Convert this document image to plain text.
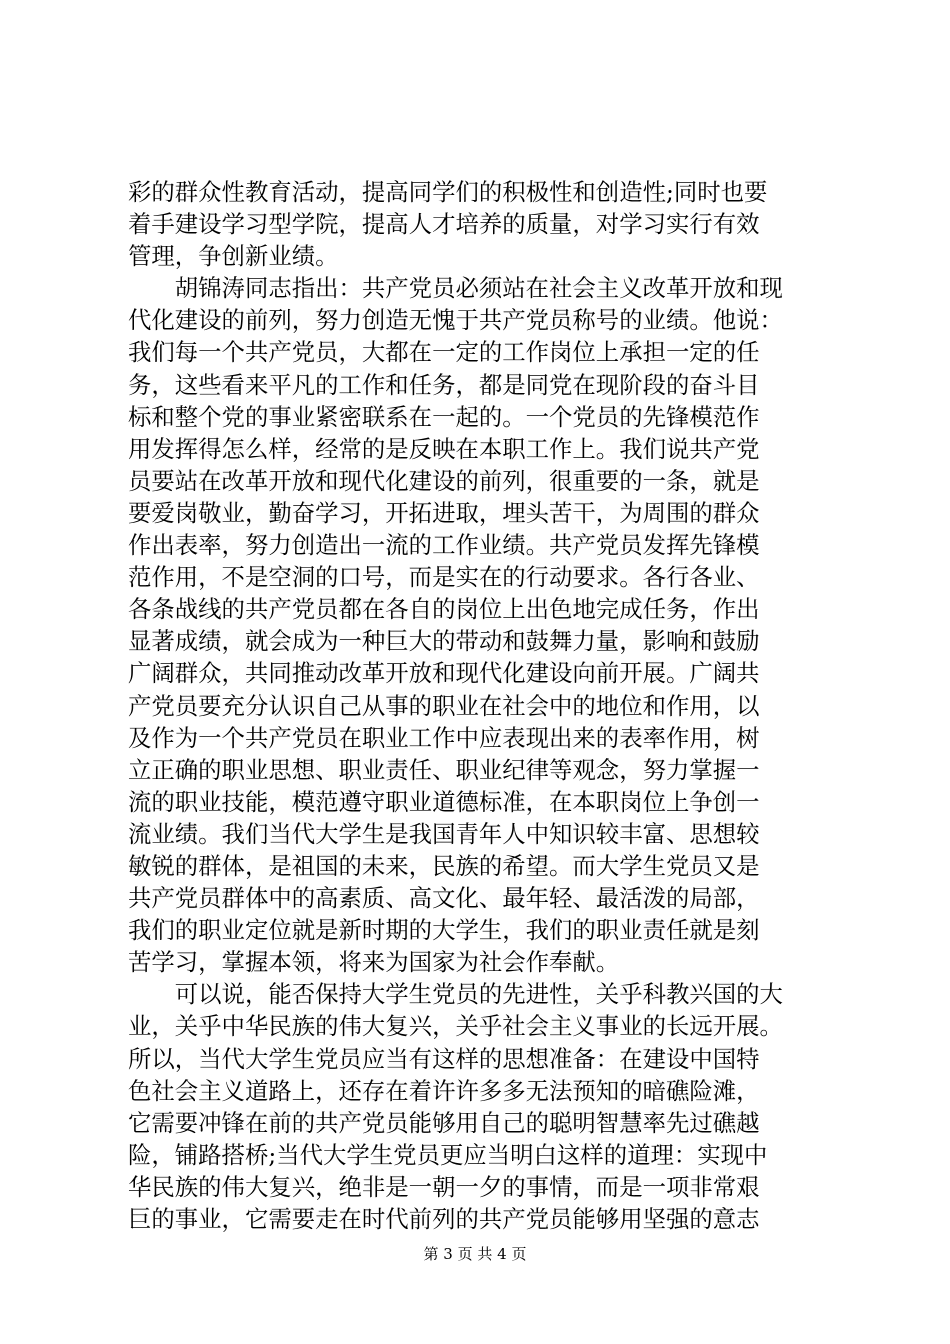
彩的群众性教育活动，提高同学们的积极性和创造性;同时也要
着手建设学习型学院，提高人才培养的质量，对学习实行有效
管理，争创新业绩。
　　胡锦涛同志指出：共产党员必须站在社会主义改革开放和现
代化建设的前列，努力创造无愧于共产党员称号的业绩。他说：
我们每一个共产党员，大都在一定的工作岗位上承担一定的任
务，这些看来平凡的工作和任务，都是同党在现阶段的奋斗目
标和整个党的事业紧密联系在一起的。一个党员的先锋模范作
用发挥得怎么样，经常的是反映在本职工作上。我们说共产党
员要站在改革开放和现代化建设的前列，很重要的一条，就是
要爱岗敬业，勤奋学习，开拓进取，埋头苦干，为周围的群众
作出表率，努力创造出一流的工作业绩。共产党员发挥先锋模
范作用，不是空洞的口号，而是实在的行动要求。各行各业、
各条战线的共产党员都在各自的岗位上出色地完成任务，作出
显著成绩，就会成为一种巨大的带动和鼓舞力量，影响和鼓励
广阔群众，共同推动改革开放和现代化建设向前开展。广阔共
产党员要充分认识自己从事的职业在社会中的地位和作用，以
及作为一个共产党员在职业工作中应表现出来的表率作用，树
立正确的职业思想、职业责任、职业纪律等观念，努力掌握一
流的职业技能，模范遵守职业道德标准，在本职岗位上争创一
流业绩。我们当代大学生是我国青年人中知识较丰富、思想较
敏锐的群体，是祖国的未来，民族的希望。而大学生党员又是
共产党员群体中的高素质、高文化、最年轻、最活泼的局部，
我们的职业定位就是新时期的大学生，我们的职业责任就是刻
苦学习，掌握本领，将来为国家为社会作奉献。
　　可以说，能否保持大学生党员的先进性，关乎科教兴国的大
业，关乎中华民族的伟大复兴，关乎社会主义事业的长远开展。
所以，当代大学生党员应当有这样的思想准备：在建设中国特
色社会主义道路上，还存在着许许多多无法预知的暗礁险滩，
它需要冲锋在前的共产党员能够用自己的聪明智慧率先过礁越
险，铺路搭桥;当代大学生党员更应当明白这样的道理：实现中
华民族的伟大复兴，绝非是一朝一夕的事情，而是一项非常艰
巨的事业，它需要走在时代前列的共产党员能够用坚强的意志
第 3 页 共 4 页
